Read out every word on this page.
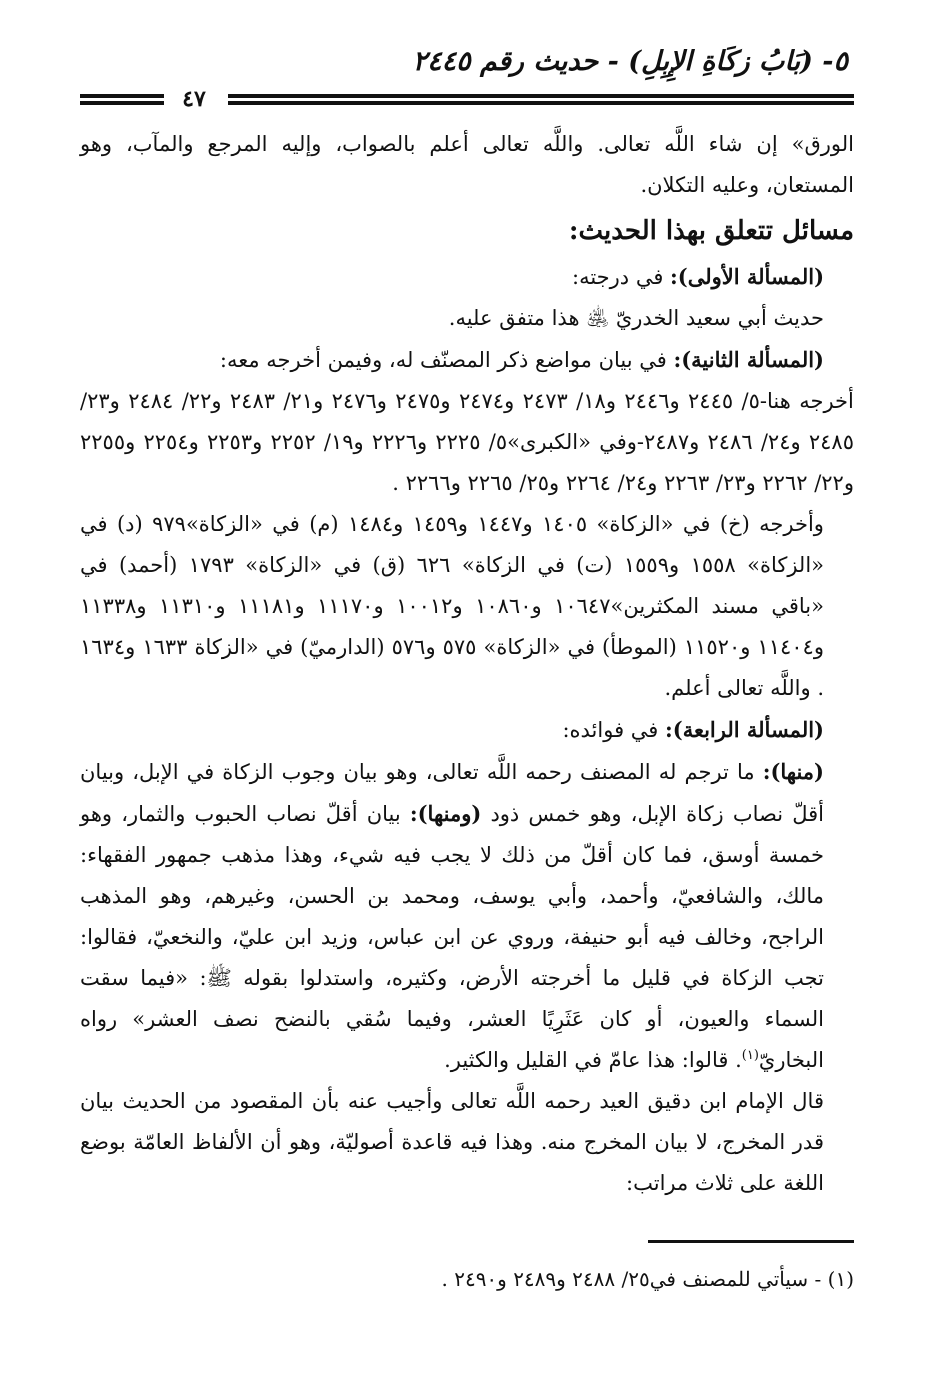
٥- (بَابُ زكَاةِ الإِبِلِ) - حديث رقم ٢٤٤٥
٤٧

الورق» إن شاء اللَّه تعالى. واللَّه تعالى أعلم بالصواب، وإليه المرجع والمآب، وهو المستعان، وعليه التكلان.

مسائل تتعلق بهذا الحديث:

(المسألة الأولى): في درجته:

حديث أبي سعيد الخدريّ ﵁ هذا متفق عليه.

(المسألة الثانية): في بيان مواضع ذكر المصنّف له، وفيمن أخرجه معه:

أخرجه هنا-٥/ ٢٤٤٥ و٢٤٤٦ و١٨/ ٢٤٧٣ و٢٤٧٤ و٢٤٧٥ و٢٤٧٦ و٢١/ ٢٤٨٣ و٢٢/ ٢٤٨٤ و٢٣/ ٢٤٨٥ و٢٤/ ٢٤٨٦ و٢٤٨٧-وفي «الكبرى»٥/ ٢٢٢٥ و٢٢٢٦ و١٩/ ٢٢٥٢ و٢٢٥٣ و٢٢٥٤ و٢٢٥٥ و٢٢/ ٢٢٦٢ و٢٣/ ٢٢٦٣ و٢٤/ ٢٢٦٤ و٢٥/ ٢٢٦٥ و٢٢٦٦ .

وأخرجه (خ) في «الزكاة» ١٤٠٥ و١٤٤٧ و١٤٥٩ و١٤٨٤ (م) في «الزكاة»٩٧٩ (د) في «الزكاة» ١٥٥٨ و١٥٥٩ (ت) في الزكاة» ٦٢٦ (ق) في «الزكاة» ١٧٩٣ (أحمد) في «باقي مسند المكثرين»١٠٦٤٧ و١٠٨٦٠ و١٠٠١٢ و١١١٧٠ و١١١٨١ و١١٣١٠ و١١٣٣٨ و١١٤٠٤ و١١٥٢٠ (الموطأ) في «الزكاة» ٥٧٥ و٥٧٦ (الدارميّ) في «الزكاة ١٦٣٣ و١٦٣٤ . واللَّه تعالى أعلم.

(المسألة الرابعة): في فوائده:

(منها): ما ترجم له المصنف رحمه اللَّه تعالى، وهو بيان وجوب الزكاة في الإبل، وبيان أقلّ نصاب زكاة الإبل، وهو خمس ذود (ومنها): بيان أقلّ نصاب الحبوب والثمار، وهو خمسة أوسق، فما كان أقلّ من ذلك لا يجب فيه شيء، وهذا مذهب جمهور الفقهاء: مالك، والشافعيّ، وأحمد، وأبي يوسف، ومحمد بن الحسن، وغيرهم، وهو المذهب الراجح، وخالف فيه أبو حنيفة، وروي عن ابن عباس، وزيد ابن عليّ، والنخعيّ، فقالوا: تجب الزكاة في قليل ما أخرجته الأرض، وكثيره، واستدلوا بقوله ﷺ: «فيما سقت السماء والعيون، أو كان عَثَرِيًا العشر، وفيما سُقي بالنضح نصف العشر» رواه البخاريّ$^{(١)}$. قالوا: هذا عامّ في القليل والكثير.

قال الإمام ابن دقيق العيد رحمه اللَّه تعالى وأجيب عنه بأن المقصود من الحديث بيان قدر المخرج، لا بيان المخرج منه. وهذا فيه قاعدة أصوليّة، وهو أن الألفاظ العامّة بوضع اللغة على ثلاث مراتب:

(١) - سيأتي للمصنف في٢٥/ ٢٤٨٨ و٢٤٨٩ و٢٤٩٠ .
